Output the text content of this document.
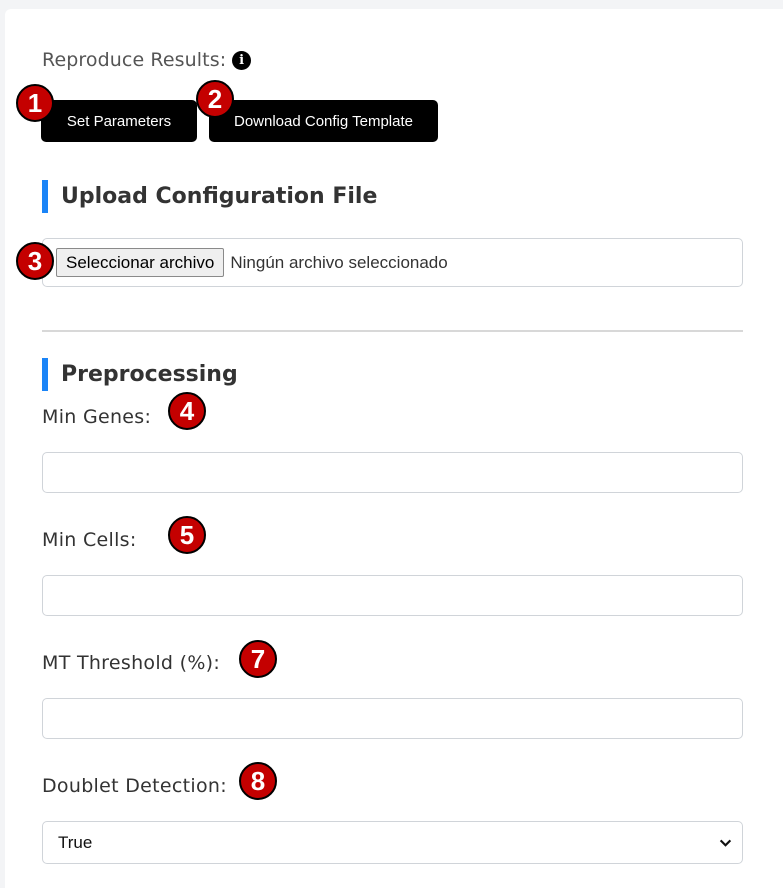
Reproduce Results: i
Set Parameters	Download Config Template
Upload Configuration File
Seleccionar archivo Ningún archivo seleccionado
Preprocessing
Min Genes:
Min Cells:
MT Threshold (%):
Doublet Detection:
True
1	2
3
4
5
7
8
